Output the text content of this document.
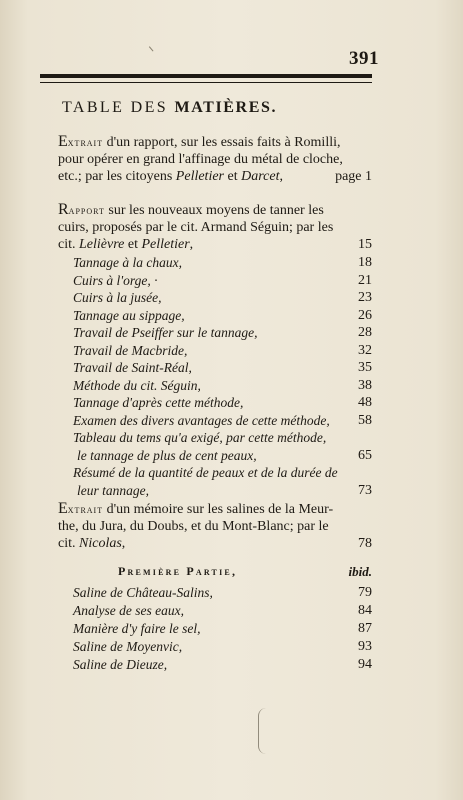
391
TABLE DES MATIÈRES.
Extrait d'un rapport, sur les essais faits à Romilli,
pour opérer en grand l'affinage du métal de cloche,
etc.; par les citoyens Pelletier et Darcet,	page 1
Rapport sur les nouveaux moyens de tanner les
cuirs, proposés par le cit. Armand Séguin; par les
cit. Lelièvre et Pelletier,	15
Tannage à la chaux,	18
Cuirs à l'orge, ·	21
Cuirs à la jusée,	23
Tannage au sippage,	26
Travail de Pseiffer sur le tannage,	28
Travail de Macbride,	32
Travail de Saint-Réal,	35
Méthode du cit. Séguin,	38
Tannage d'après cette méthode,	48
Examen des divers avantages de cette méthode, 58
Tableau du tems qu'a exigé, par cette méthode,
le tannage de plus de cent peaux,	65
Résumé de la quantité de peaux et de la durée de
leur tannage,	73
Extrait d'un mémoire sur les salines de la Meur-
the, du Jura, du Doubs, et du Mont-Blanc; par le
cit. Nicolas,	78
Première Partie,	ibid.
Saline de Château-Salins,	79
Analyse de ses eaux,	84
Manière d'y faire le sel,	87
Saline de Moyenvic,	93
Saline de Dieuze,	94
